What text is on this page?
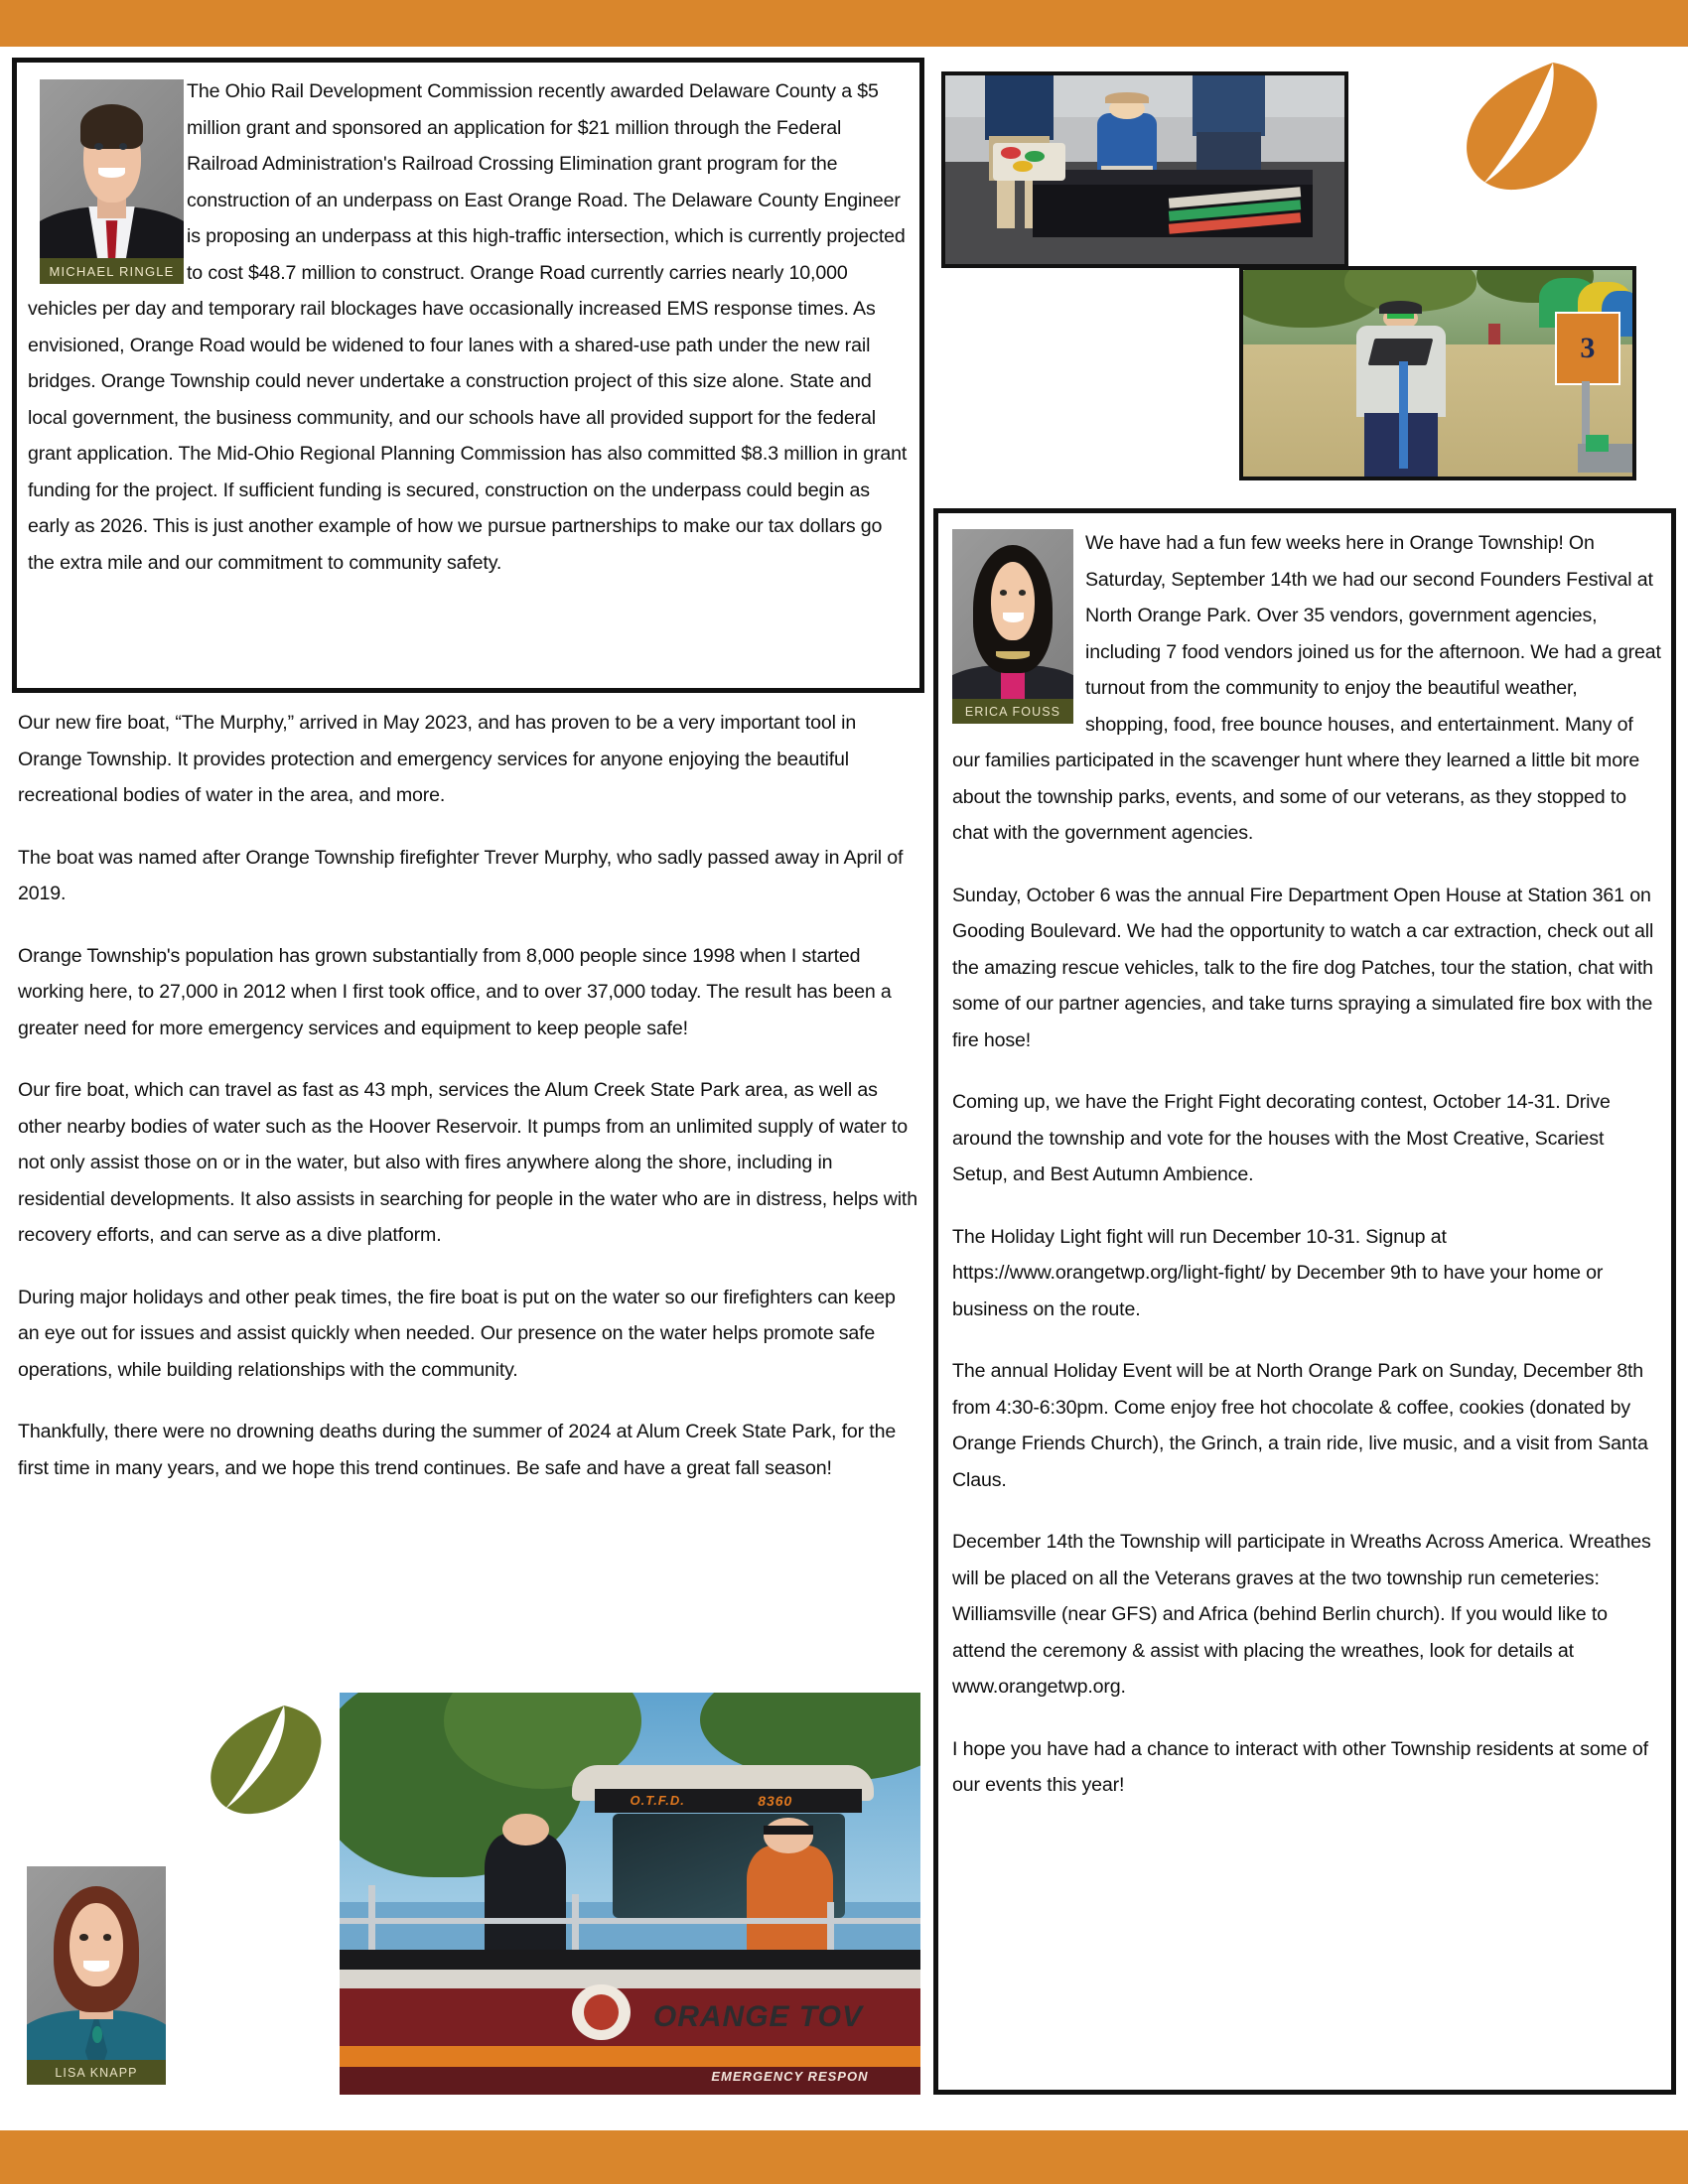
MICHAEL RINGLE

The Ohio Rail Development Commission recently awarded Delaware County a $5 million grant and sponsored an application for $21 million through the Federal Railroad Administration's Railroad Crossing Elimination grant program for the construction of an underpass on East Orange Road. The Delaware County Engineer is proposing an underpass at this high-traffic intersection, which is currently projected to cost $48.7 million to construct. Orange Road currently carries nearly 10,000 vehicles per day and temporary rail blockages have occasionally increased EMS response times. As envisioned, Orange Road would be widened to four lanes with a shared-use path under the new rail bridges. Orange Township could never undertake a construction project of this size alone. State and local government, the business community, and our schools have all provided support for the federal grant application. The Mid-Ohio Regional Planning Commission has also committed $8.3 million in grant funding for the project. If sufficient funding is secured, construction on the underpass could begin as early as 2026. This is just another example of how we pursue partnerships to make our tax dollars go the extra mile and our commitment to community safety.

Our new fire boat, “The Murphy,” arrived in May 2023, and has proven to be a very important tool in Orange Township. It provides protection and emergency services for anyone enjoying the beautiful recreational bodies of water in the area, and more.

The boat was named after Orange Township firefighter Trever Murphy, who sadly passed away in April of 2019.

Orange Township's population has grown substantially from 8,000 people since 1998 when I started working here, to 27,000 in 2012 when I first took office, and to over 37,000 today. The result has been a greater need for more emergency services and equipment to keep people safe!

Our fire boat, which can travel as fast as 43 mph, services the Alum Creek State Park area, as well as other nearby bodies of water such as the Hoover Reservoir. It pumps from an unlimited supply of water to not only assist those on or in the water, but also with fires anywhere along the shore, including in residential developments. It also assists in searching for people in the water who are in distress, helps with recovery efforts, and can serve as a dive platform.

During major holidays and other peak times, the fire boat is put on the water so our firefighters can keep an eye out for issues and assist quickly when needed. Our presence on the water helps promote safe operations, while building relationships with the community.

Thankfully, there were no drowning deaths during the summer of 2024 at Alum Creek State Park, for the first time in many years, and we hope this trend continues. Be safe and have a great fall season!

LISA KNAPP
O.T.F.D.	8360
ORANGE TOV
EMERGENCY RESPON
3
ERICA FOUSS

We have had a fun few weeks here in Orange Township! On Saturday, September 14th we had our second Founders Festival at North Orange Park. Over 35 vendors, government agencies, including 7 food vendors joined us for the afternoon. We had a great turnout from the community to enjoy the beautiful weather, shopping, food, free bounce houses, and entertainment. Many of our families participated in the scavenger hunt where they learned a little bit more about the township parks, events, and some of our veterans, as they stopped to chat with the government agencies.

Sunday, October 6 was the annual Fire Department Open House at Station 361 on Gooding Boulevard. We had the opportunity to watch a car extraction, check out all the amazing rescue vehicles, talk to the fire dog Patches, tour the station, chat with some of our partner agencies, and take turns spraying a simulated fire box with the fire hose!

Coming up, we have the Fright Fight decorating contest, October 14-31. Drive around the township and vote for the houses with the Most Creative, Scariest Setup, and Best Autumn Ambience.

The Holiday Light fight will run December 10-31. Signup at https://www.orangetwp.org/light-fight/ by December 9th to have your home or business on the route.

The annual Holiday Event will be at North Orange Park on Sunday, December 8th from 4:30-6:30pm. Come enjoy free hot chocolate & coffee, cookies (donated by Orange Friends Church), the Grinch, a train ride, live music, and a visit from Santa Claus.

December 14th the Township will participate in Wreaths Across America. Wreathes will be placed on all the Veterans graves at the two township run cemeteries: Williamsville (near GFS) and Africa (behind Berlin church). If you would like to attend the ceremony & assist with placing the wreathes, look for details at www.orangetwp.org.

I hope you have had a chance to interact with other Township residents at some of our events this year!
